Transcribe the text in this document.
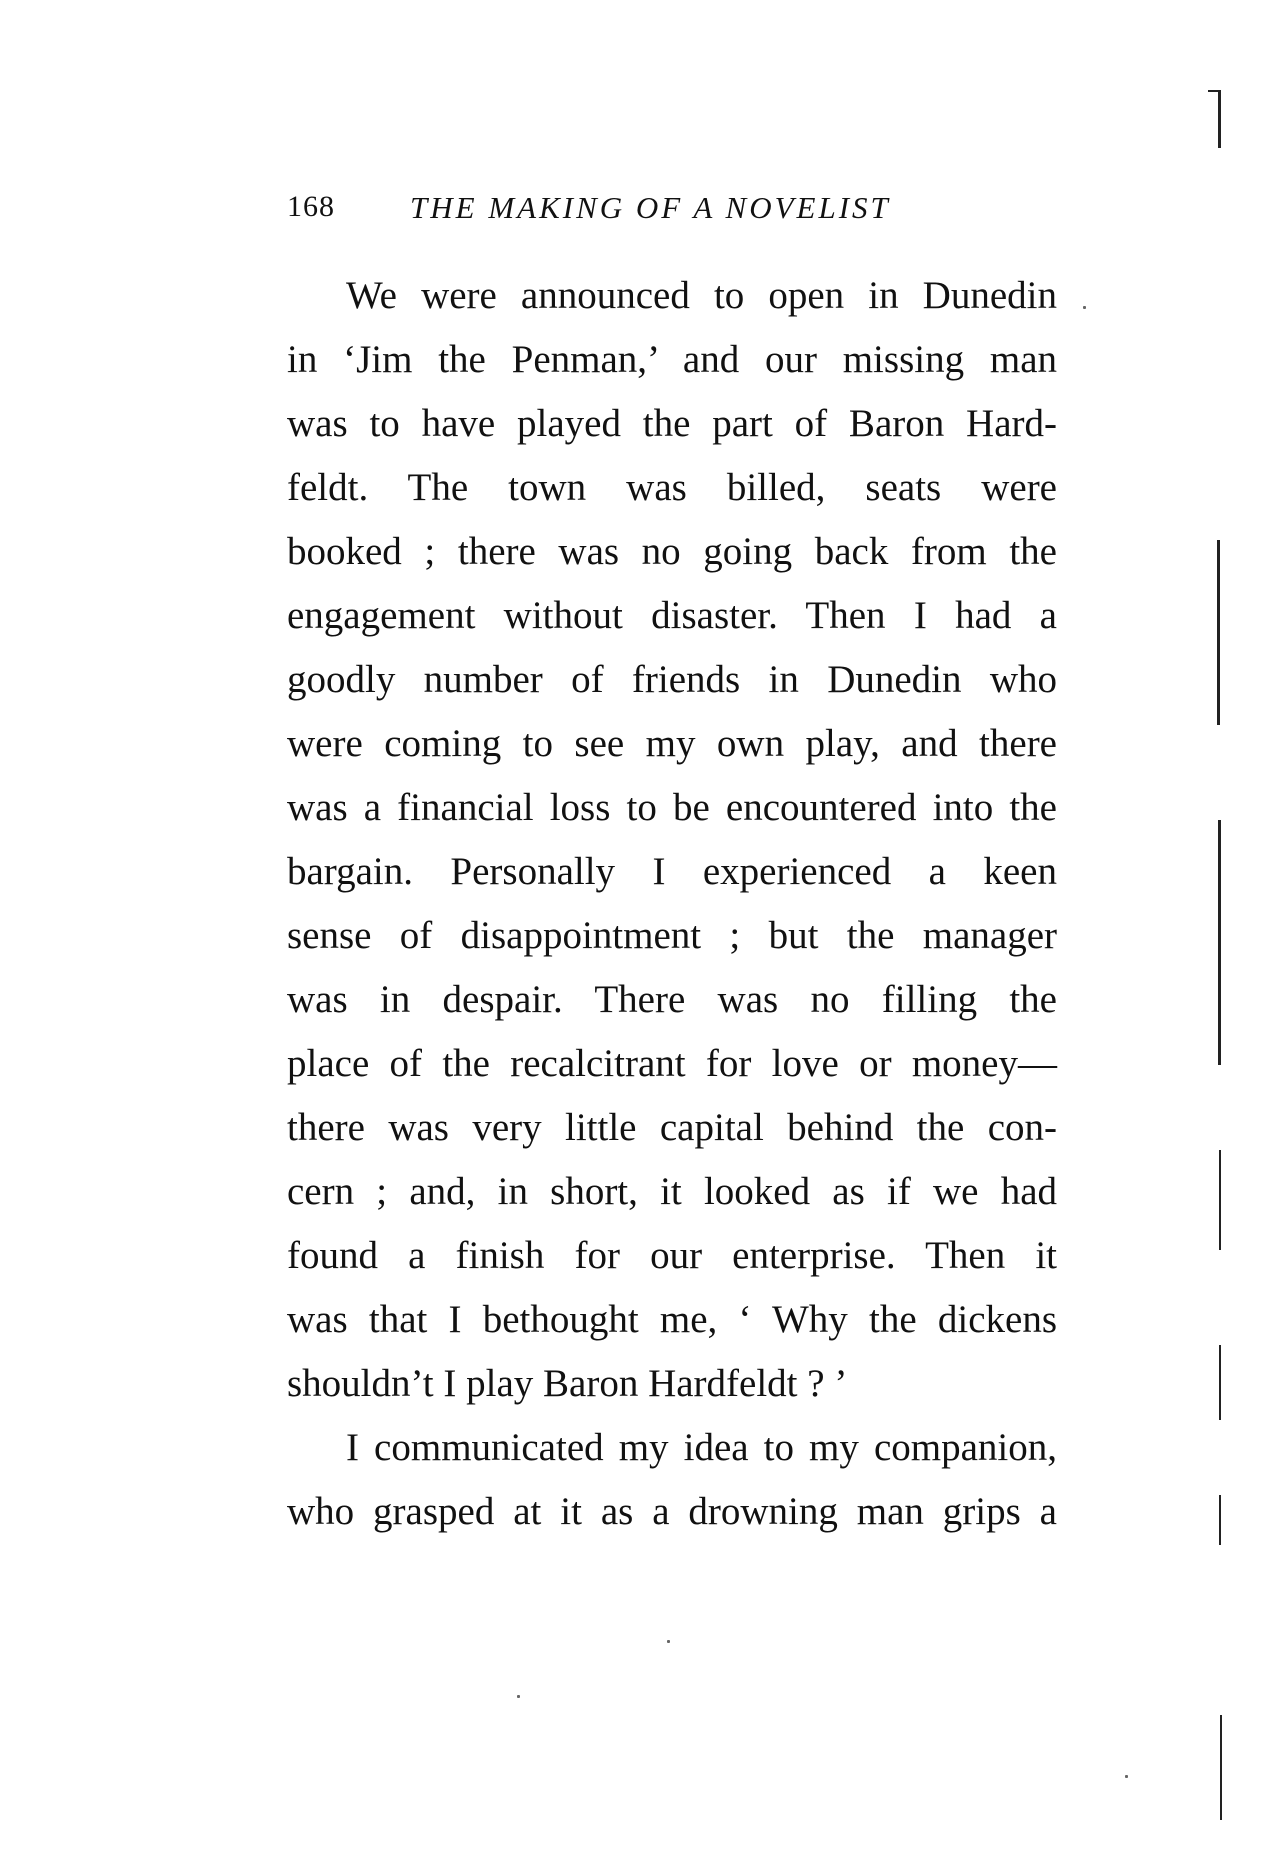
168 THE MAKING OF A NOVELIST
We were announced to open in Dunedin
in ‘Jim the Penman,’ and our missing man
was to have played the part of Baron Hard-
feldt. The town was billed, seats were
booked ; there was no going back from the
engagement without disaster. Then I had a
goodly number of friends in Dunedin who
were coming to see my own play, and there
was a financial loss to be encountered into the
bargain. Personally I experienced a keen
sense of disappointment ; but the manager
was in despair. There was no filling the
place of the recalcitrant for love or money—
there was very little capital behind the con-
cern ; and, in short, it looked as if we had
found a finish for our enterprise. Then it
was that I bethought me, ‘ Why the dickens
shouldn’t I play Baron Hardfeldt ? ’
I communicated my idea to my companion,
who grasped at it as a drowning man grips a
